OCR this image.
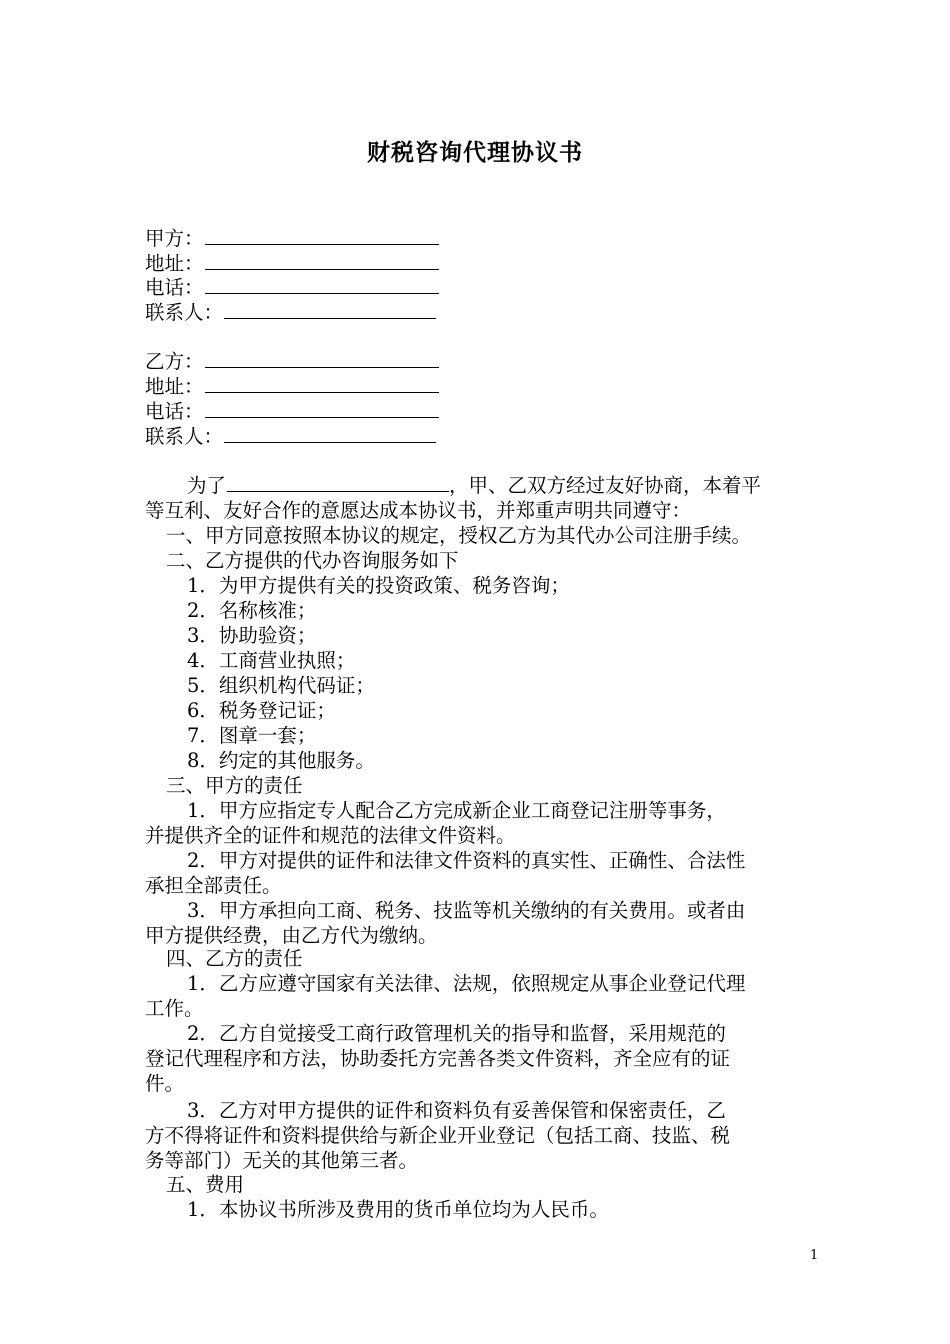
财税咨询代理协议书
甲方：
地址：
电话：
联系人：
乙方：
地址：
电话：
联系人：
为了	，甲、乙双方经过友好协商，本着平
等互利、友好合作的意愿达成本协议书，并郑重声明共同遵守：
一、甲方同意按照本协议的规定，授权乙方为其代办公司注册手续。
二、乙方提供的代办咨询服务如下
1．为甲方提供有关的投资政策、税务咨询；
2．名称核准；
3．协助验资；
4．工商营业执照；
5．组织机构代码证；
6．税务登记证；
7．图章一套；
8．约定的其他服务。
三、甲方的责任
1．甲方应指定专人配合乙方完成新企业工商登记注册等事务，
并提供齐全的证件和规范的法律文件资料。
2．甲方对提供的证件和法律文件资料的真实性、正确性、合法性
承担全部责任。
3．甲方承担向工商、税务、技监等机关缴纳的有关费用。或者由
甲方提供经费，由乙方代为缴纳。
四、乙方的责任
1．乙方应遵守国家有关法律、法规，依照规定从事企业登记代理
工作。
2．乙方自觉接受工商行政管理机关的指导和监督，采用规范的
登记代理程序和方法，协助委托方完善各类文件资料，齐全应有的证
件。
3．乙方对甲方提供的证件和资料负有妥善保管和保密责任，乙
方不得将证件和资料提供给与新企业开业登记（包括工商、技监、税
务等部门）无关的其他第三者。
五、费用
1．本协议书所涉及费用的货币单位均为人民币。
1
